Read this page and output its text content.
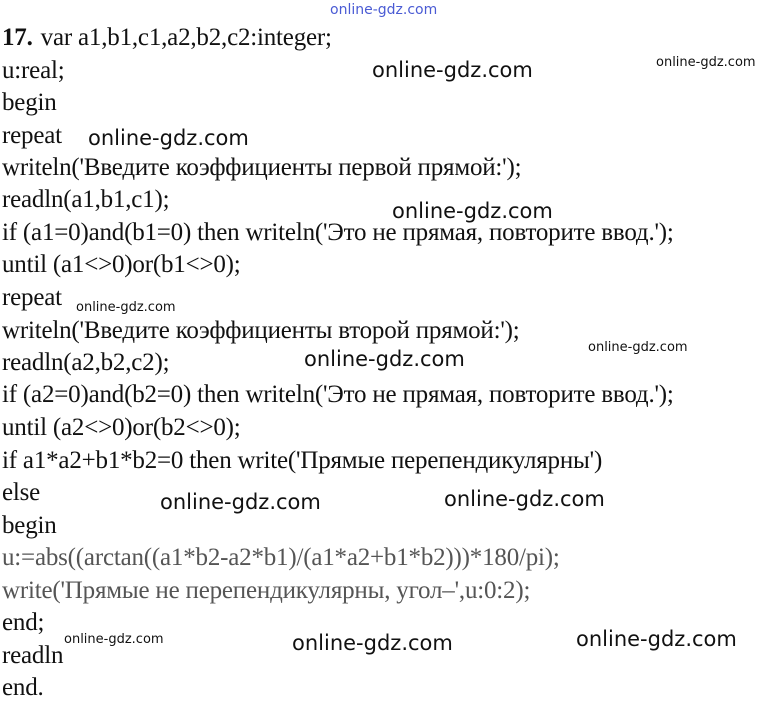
online-gdz.com
17. var a1,b1,c1,a2,b2,c2:integer;
u:real;
begin
repeat
writeln('Введите коэффициенты первой прямой:');
readln(a1,b1,c1);
if (a1=0)and(b1=0) then writeln('Это не прямая, повторите ввод.');
until (a1<>0)or(b1<>0);
repeat
writeln('Введите коэффициенты второй прямой:');
readln(a2,b2,c2);
if (a2=0)and(b2=0) then writeln('Это не прямая, повторите ввод.');
until (a2<>0)or(b2<>0);
if a1*a2+b1*b2=0 then write('Прямые перепендикулярны')
else
begin
u:=abs((arctan((a1*b2-a2*b1)/(a1*a2+b1*b2)))*180/pi);
write('Прямые не перепендикулярны, угол–',u:0:2);
end;
readln
end.
online-gdz.com	online-gdz.com
online-gdz.com
online-gdz.com
online-gdz.com
online-gdz.com
online-gdz.com
online-gdz.com	online-gdz.com
online-gdz.com	online-gdz.com	online-gdz.com
